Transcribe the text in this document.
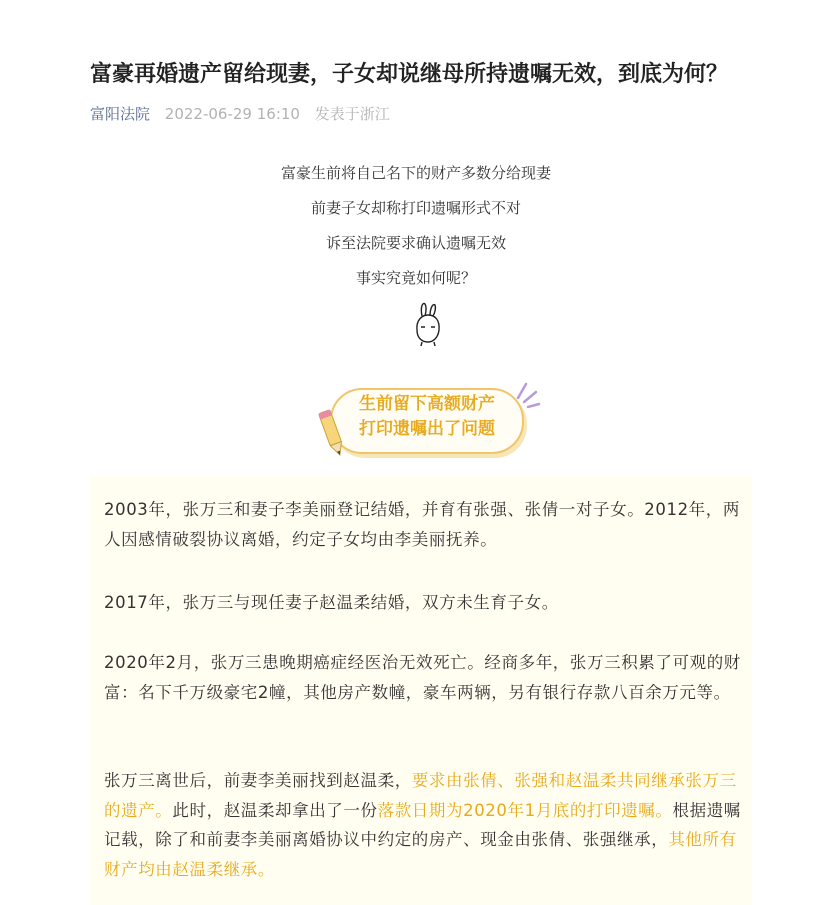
富豪再婚遗产留给现妻，子女却说继母所持遗嘱无效，到底为何？
富阳法院 2022-06-29 16:10 发表于浙江
富豪生前将自己名下的财产多数分给现妻
前妻子女却称打印遗嘱形式不对
诉至法院要求确认遗嘱无效
事实究竟如何呢？
生前留下高额财产
打印遗嘱出了问题
2003年，张万三和妻子李美丽登记结婚，并育有张强、张倩一对子女。2012年，两人因感情破裂协议离婚，约定子女均由李美丽抚养。
2017年，张万三与现任妻子赵温柔结婚，双方未生育子女。
2020年2月，张万三患晚期癌症经医治无效死亡。经商多年，张万三积累了可观的财富：名下千万级豪宅2幢，其他房产数幢，豪车两辆，另有银行存款八百余万元等。
张万三离世后，前妻李美丽找到赵温柔，要求由张倩、张强和赵温柔共同继承张万三的遗产。此时，赵温柔却拿出了一份落款日期为2020年1月底的打印遗嘱。根据遗嘱记载，除了和前妻李美丽离婚协议中约定的房产、现金由张倩、张强继承，其他所有财产均由赵温柔继承。
